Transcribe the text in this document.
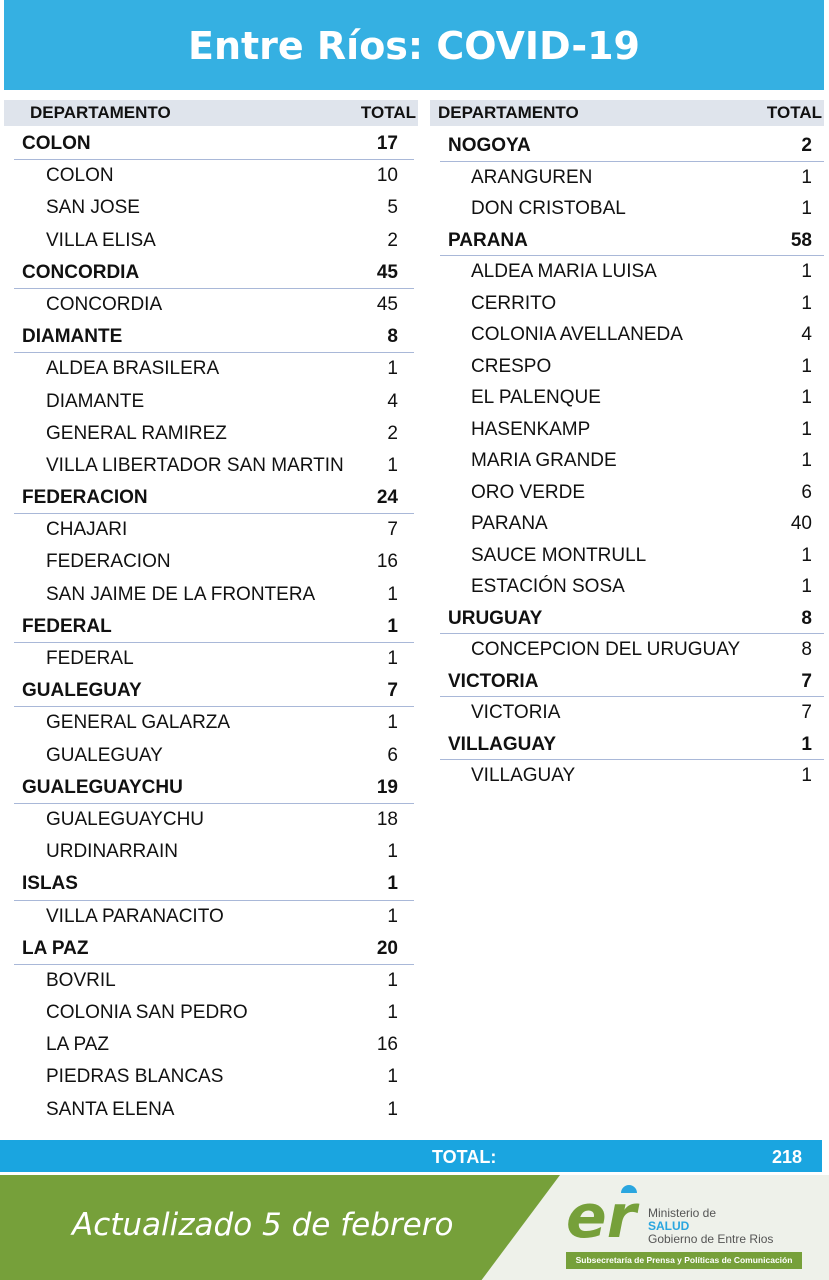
Entre Ríos: COVID-19
DEPARTAMENTO	TOTAL DEPARTAMENTO	TOTAL
COLON	17
COLON	10
SAN JOSE	5
VILLA ELISA	2
CONCORDIA	45
CONCORDIA	45
DIAMANTE	8
ALDEA BRASILERA	1
DIAMANTE	4
GENERAL RAMIREZ	2
VILLA LIBERTADOR SAN MARTIN 1
FEDERACION	24
CHAJARI	7
FEDERACION	16
SAN JAIME DE LA FRONTERA	1
FEDERAL	1
FEDERAL	1
GUALEGUAY	7
GENERAL GALARZA	1
GUALEGUAY	6
GUALEGUAYCHU	19
GUALEGUAYCHU	18
URDINARRAIN	1
ISLAS	1
VILLA PARANACITO	1
LA PAZ	20
BOVRIL	1
COLONIA SAN PEDRO	1
LA PAZ	16
PIEDRAS BLANCAS	1
SANTA ELENA	1
NOGOYA	2
ARANGUREN	1
DON CRISTOBAL	1
PARANA	58
ALDEA MARIA LUISA	1
CERRITO	1
COLONIA AVELLANEDA	4
CRESPO	1
EL PALENQUE	1
HASENKAMP	1
MARIA GRANDE	1
ORO VERDE	6
PARANA	40
SAUCE MONTRULL	1
ESTACIÓN SOSA	1
URUGUAY	8
CONCEPCION DEL URUGUAY	8
VICTORIA	7
VICTORIA	7
VILLAGUAY	1
VILLAGUAY	1
TOTAL:	218
Actualizado 5 de febrero er Ministerio de
SALUD
Gobierno de Entre Rios
Subsecretaría de Prensa y Políticas de Comunicación
